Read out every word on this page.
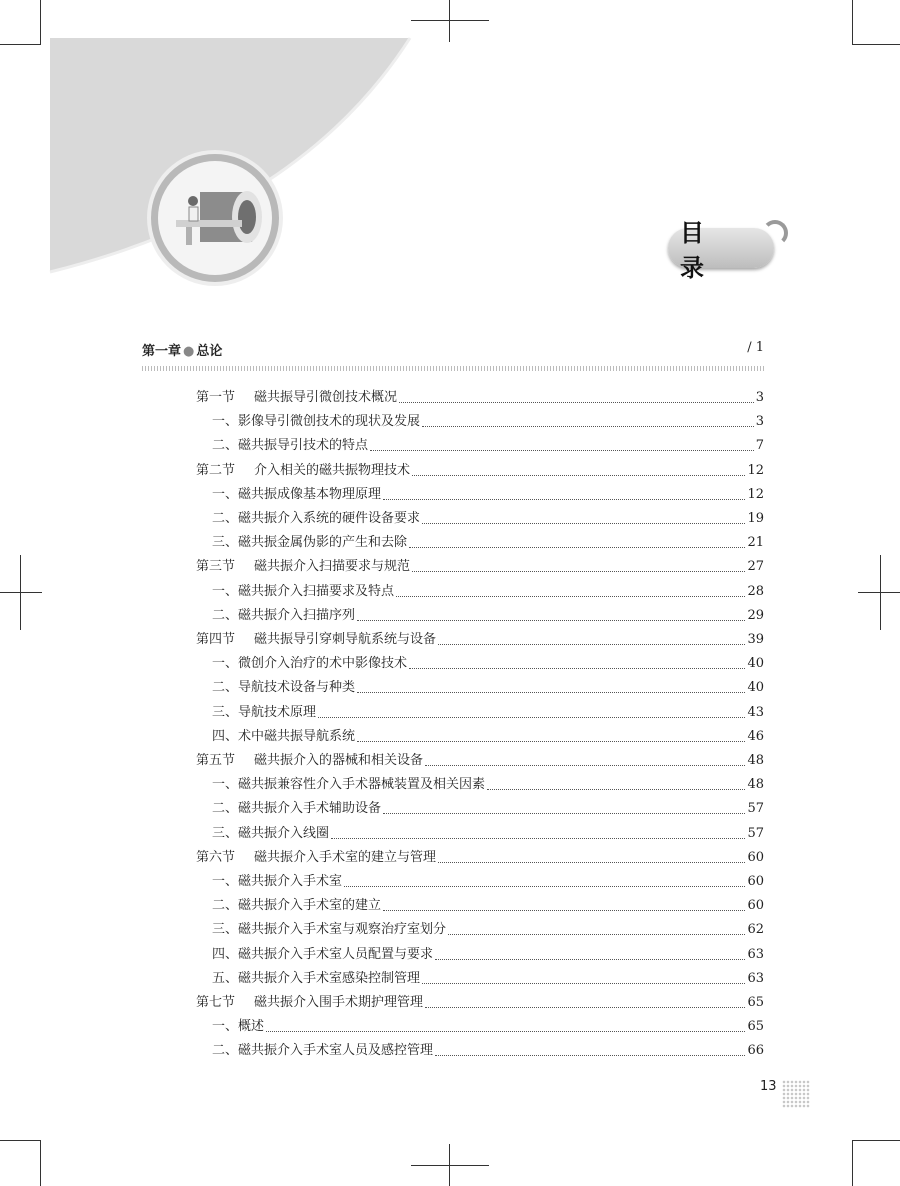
目　录
第一章 ● 总论	/ 1
第一节	磁共振导引微创技术概况	3
一、影像导引微创技术的现状及发展	3
二、磁共振导引技术的特点	7
第二节	介入相关的磁共振物理技术	12
一、磁共振成像基本物理原理	12
二、磁共振介入系统的硬件设备要求	19
三、磁共振金属伪影的产生和去除	21
第三节	磁共振介入扫描要求与规范	27
一、磁共振介入扫描要求及特点	28
二、磁共振介入扫描序列	29
第四节	磁共振导引穿刺导航系统与设备	39
一、微创介入治疗的术中影像技术	40
二、导航技术设备与种类	40
三、导航技术原理	43
四、术中磁共振导航系统	46
第五节	磁共振介入的器械和相关设备	48
一、磁共振兼容性介入手术器械装置及相关因素	48
二、磁共振介入手术辅助设备	57
三、磁共振介入线圈	57
第六节	磁共振介入手术室的建立与管理	60
一、磁共振介入手术室	60
二、磁共振介入手术室的建立	60
三、磁共振介入手术室与观察治疗室划分	62
四、磁共振介入手术室人员配置与要求	63
五、磁共振介入手术室感染控制管理	63
第七节	磁共振介入围手术期护理管理	65
一、概述	65
二、磁共振介入手术室人员及感控管理	66
13
